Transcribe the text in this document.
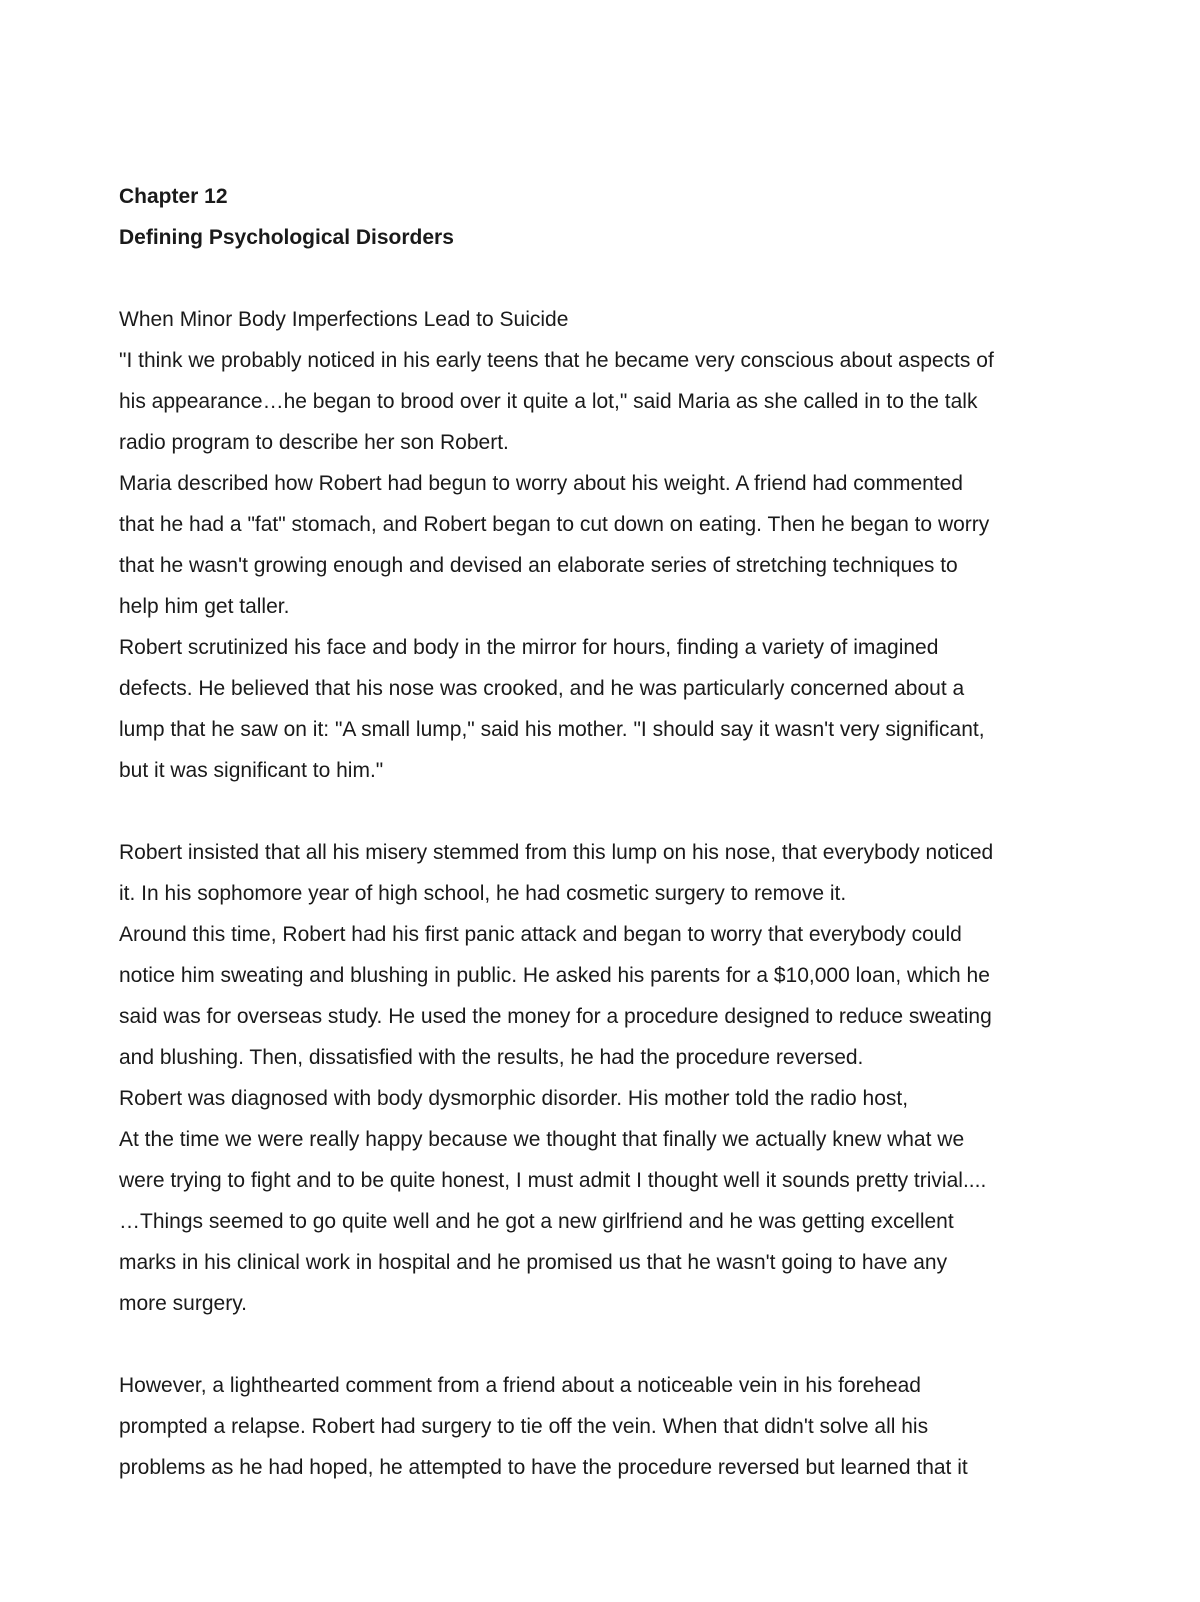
Chapter 12
Defining Psychological Disorders
When Minor Body Imperfections Lead to Suicide
"I think we probably noticed in his early teens that he became very conscious about aspects of
his appearance…he began to brood over it quite a lot," said Maria as she called in to the talk
radio program to describe her son Robert.
Maria described how Robert had begun to worry about his weight. A friend had commented
that he had a "fat" stomach, and Robert began to cut down on eating. Then he began to worry
that he wasn't growing enough and devised an elaborate series of stretching techniques to
help him get taller.
Robert scrutinized his face and body in the mirror for hours, finding a variety of imagined
defects. He believed that his nose was crooked, and he was particularly concerned about a
lump that he saw on it: "A small lump," said his mother. "I should say it wasn't very significant,
but it was significant to him."
Robert insisted that all his misery stemmed from this lump on his nose, that everybody noticed
it. In his sophomore year of high school, he had cosmetic surgery to remove it.
Around this time, Robert had his first panic attack and began to worry that everybody could
notice him sweating and blushing in public. He asked his parents for a $10,000 loan, which he
said was for overseas study. He used the money for a procedure designed to reduce sweating
and blushing. Then, dissatisfied with the results, he had the procedure reversed.
Robert was diagnosed with body dysmorphic disorder. His mother told the radio host,
At the time we were really happy because we thought that finally we actually knew what we
were trying to fight and to be quite honest, I must admit I thought well it sounds pretty trivial....
…Things seemed to go quite well and he got a new girlfriend and he was getting excellent
marks in his clinical work in hospital and he promised us that he wasn't going to have any
more surgery.
However, a lighthearted comment from a friend about a noticeable vein in his forehead
prompted a relapse. Robert had surgery to tie off the vein. When that didn't solve all his
problems as he had hoped, he attempted to have the procedure reversed but learned that it
